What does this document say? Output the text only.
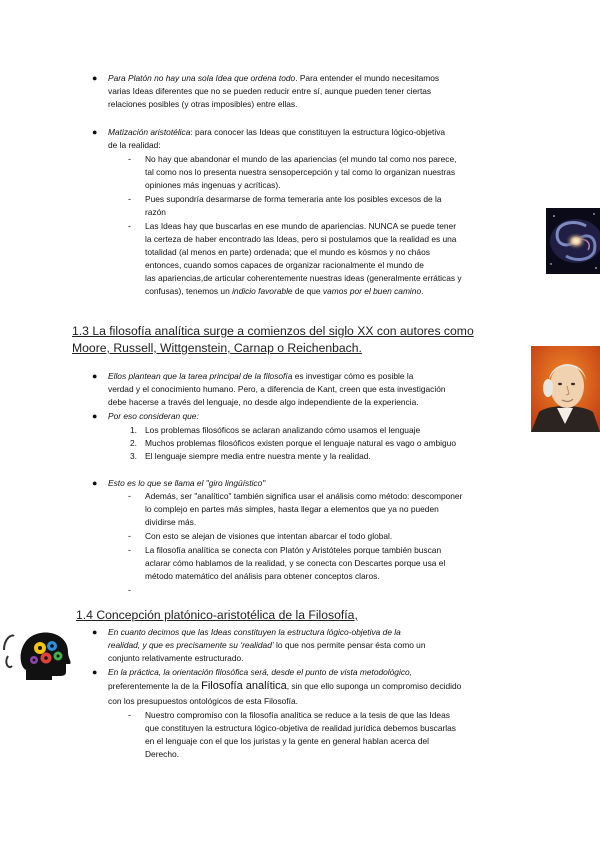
● Para Platón no hay una sola Idea que ordena todo. Para entender el mundo necesitamos
varias Ideas diferentes que no se pueden reducir entre sí, aunque pueden tener ciertas
relaciones posibles (y otras imposibles) entre ellas.
● Matización aristotélica: para conocer las Ideas que constituyen la estructura lógico-objetiva
de la realidad:
- No hay que abandonar el mundo de las apariencias (el mundo tal como nos parece,
tal como nos lo presenta nuestra sensopercepción y tal como lo organizan nuestras
opiniones más ingenuas y acríticas).
- Pues supondría desarmarse de forma temeraria ante los posibles excesos de la
razón
- Las Ideas hay que buscarlas en ese mundo de apariencias. NUNCA se puede tener
la certeza de haber encontrado las Ideas, pero si postulamos que la realidad es una
totalidad (al menos en parte) ordenada; que el mundo es kósmos y no cháos
entonces, cuando somos capaces de organizar racionalmente el mundo de
las apariencias,de articular coherentemente nuestras ideas (generalmente erráticas y
confusas), tenemos un indicio favorable de que vamos por el buen camino.
1.3 La filosofía analítica surge a comienzos del siglo XX con autores como
Moore, Russell, Wittgenstein, Carnap o Reichenbach.
● Ellos plantean que la tarea principal de la filosofía es investigar cómo es posible la
verdad y el conocimiento humano. Pero, a diferencia de Kant, creen que esta investigación
debe hacerse a través del lenguaje, no desde algo independiente de la experiencia.
● Por eso consideran que:
1. Los problemas filosóficos se aclaran analizando cómo usamos el lenguaje
2. Muchos problemas filosóficos existen porque el lenguaje natural es vago o ambiguo
3. El lenguaje siempre media entre nuestra mente y la realidad.
● Esto es lo que se llama el "giro lingüístico"
- Además, ser "analítico" también significa usar el análisis como método: descomponer
lo complejo en partes más simples, hasta llegar a elementos que ya no pueden
dividirse más.
- Con esto se alejan de visiones que intentan abarcar el todo global.
- La filosofía analítica se conecta con Platón y Aristóteles porque también buscan
aclarar cómo hablamos de la realidad, y se conecta con Descartes porque usa el
método matemático del análisis para obtener conceptos claros.
-
1.4 Concepción platónico-aristotélica de la Filosofía,
● En cuanto decimos que las Ideas constituyen la estructura lógico-objetiva de la
realidad, y que es precisamente su ‘realidad’ lo que nos permite pensar ésta como un
conjunto relativamente estructurado.
● En la práctica, la orientación filosófica será, desde el punto de vista metodológico,
preferentemente la de la Filosofía analítica, sin que ello suponga un compromiso decidido
con los presupuestos ontológicos de esta Filosofía.
- Nuestro compromiso con la filosofía analítica se reduce a la tesis de que las Ideas
que constituyen la estructura lógico-objetiva de realidad jurídica debemos buscarlas
en el lenguaje con el que los juristas y la gente en general hablan acerca del
Derecho.
